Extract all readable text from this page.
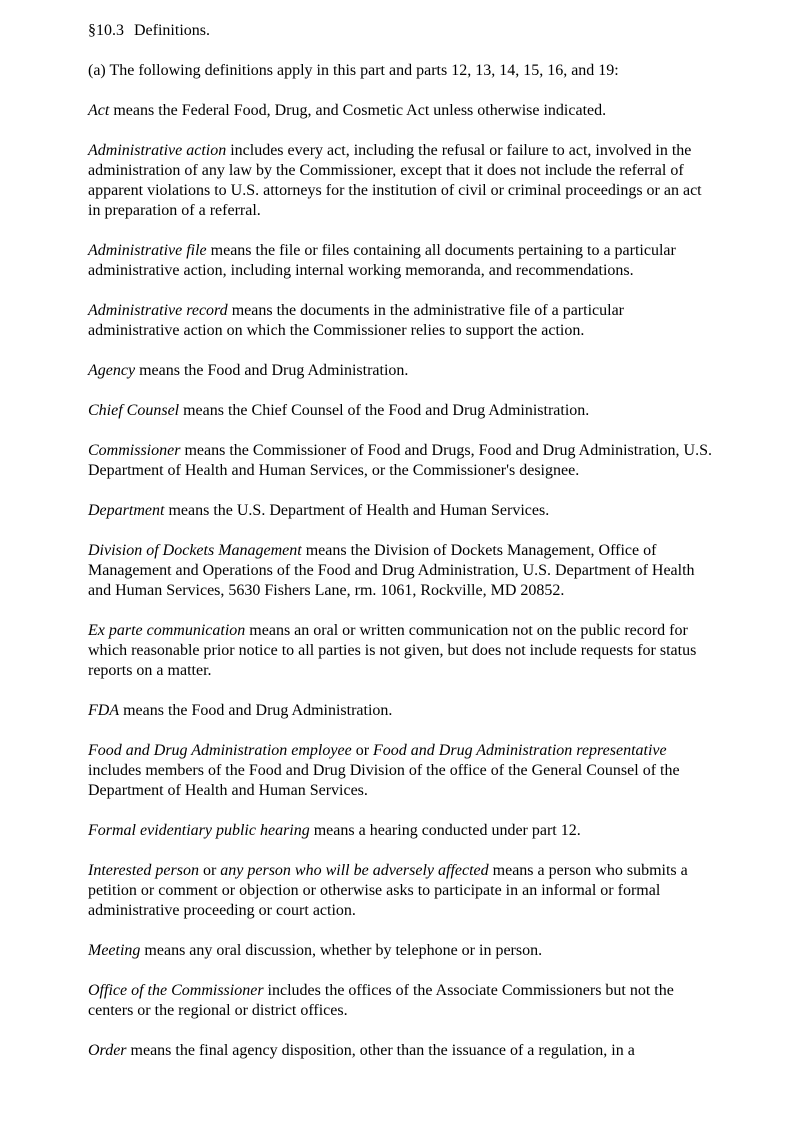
§10.3 Definitions.

(a) The following definitions apply in this part and parts 12, 13, 14, 15, 16, and 19:

Act means the Federal Food, Drug, and Cosmetic Act unless otherwise indicated.

Administrative action includes every act, including the refusal or failure to act, involved in the administration of any law by the Commissioner, except that it does not include the referral of apparent violations to U.S. attorneys for the institution of civil or criminal proceedings or an act in preparation of a referral.

Administrative file means the file or files containing all documents pertaining to a particular administrative action, including internal working memoranda, and recommendations.

Administrative record means the documents in the administrative file of a particular administrative action on which the Commissioner relies to support the action.

Agency means the Food and Drug Administration.

Chief Counsel means the Chief Counsel of the Food and Drug Administration.

Commissioner means the Commissioner of Food and Drugs, Food and Drug Administration, U.S. Department of Health and Human Services, or the Commissioner's designee.

Department means the U.S. Department of Health and Human Services.

Division of Dockets Management means the Division of Dockets Management, Office of Management and Operations of the Food and Drug Administration, U.S. Department of Health and Human Services, 5630 Fishers Lane, rm. 1061, Rockville, MD 20852.

Ex parte communication means an oral or written communication not on the public record for which reasonable prior notice to all parties is not given, but does not include requests for status reports on a matter.

FDA means the Food and Drug Administration.

Food and Drug Administration employee or Food and Drug Administration representative includes members of the Food and Drug Division of the office of the General Counsel of the Department of Health and Human Services.

Formal evidentiary public hearing means a hearing conducted under part 12.

Interested person or any person who will be adversely affected means a person who submits a petition or comment or objection or otherwise asks to participate in an informal or formal administrative proceeding or court action.

Meeting means any oral discussion, whether by telephone or in person.

Office of the Commissioner includes the offices of the Associate Commissioners but not the centers or the regional or district offices.

Order means the final agency disposition, other than the issuance of a regulation, in a
